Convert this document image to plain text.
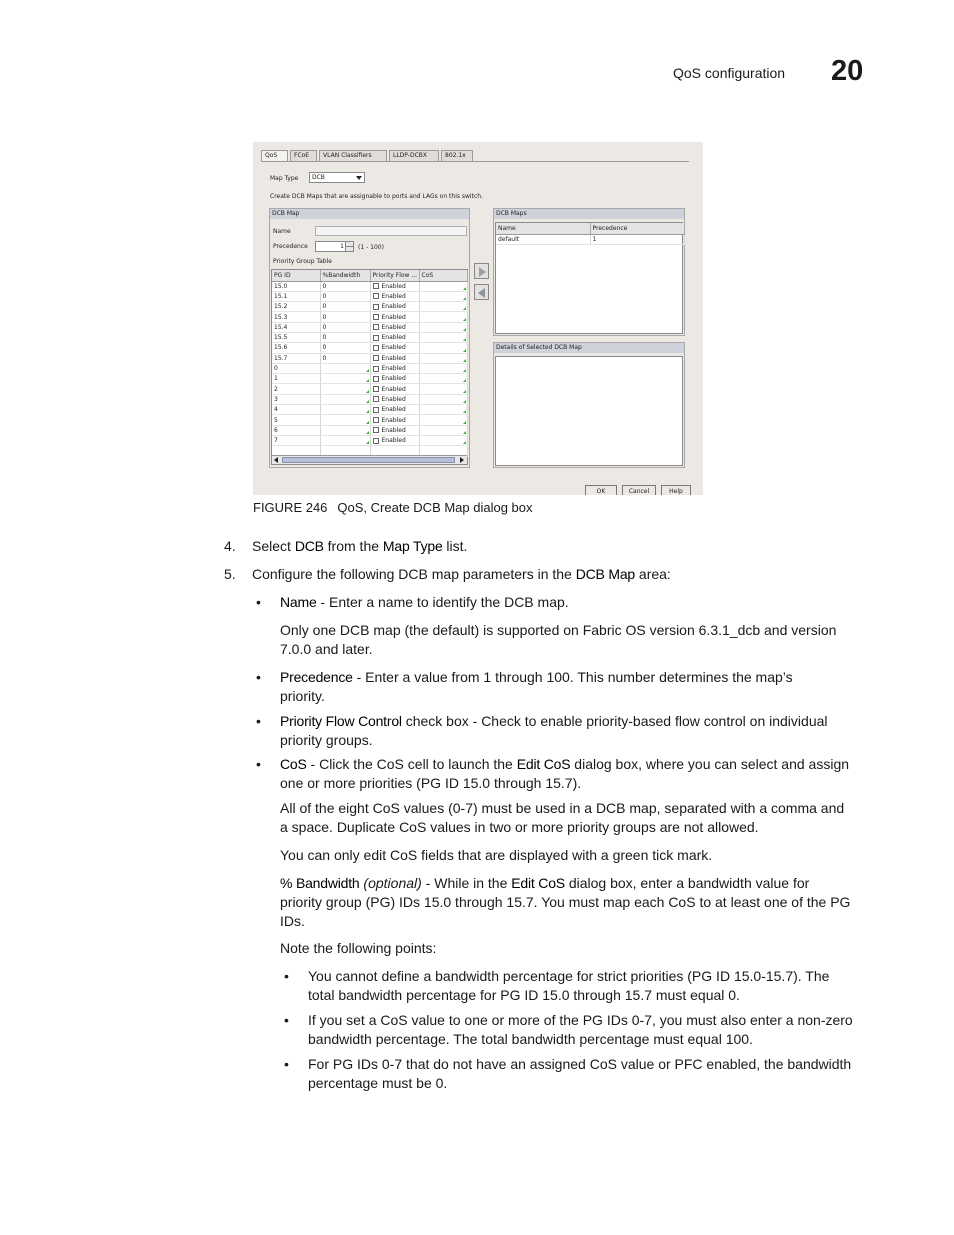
QoS configuration 20
QoS	FCoE	VLAN Classifiers	LLDP-DCBX	802.1x
Map Type	DCB
Create DCB Maps that are assignable to ports and LAGs on this switch.
DCB Map
Name
Precedence	1	(1 - 100)
Priority Group Table
PG ID	%Bandwidth	Priority Flow ...	CoS
15.0	0	Enabled	

15.1	0	Enabled	

15.2	0	Enabled	

15.3	0	Enabled	

15.4	0	Enabled	

15.5	0	Enabled	

15.6	0	Enabled	

15.7	0	Enabled	

0		Enabled	

1		Enabled	

2		Enabled	

3		Enabled	

4		Enabled	

5		Enabled	

6		Enabled	

7		Enabled	

DCB Maps
Name	Precedence
default	1
Details of Selected DCB Map
OK	Cancel	Help
FIGURE 246 QoS, Create DCB Map dialog box
4. Select DCB from the Map Type list.
5. Configure the following DCB map parameters in the DCB Map area:
• Name - Enter a name to identify the DCB map.
Only one DCB map (the default) is supported on Fabric OS version 6.3.1_dcb and version
7.0.0 and later.
• Precedence - Enter a value from 1 through 100. This number determines the map’s
priority.
• Priority Flow Control check box - Check to enable priority-based flow control on individual
priority groups.
• CoS - Click the CoS cell to launch the Edit CoS dialog box, where you can select and assign
one or more priorities (PG ID 15.0 through 15.7).
All of the eight CoS values (0-7) must be used in a DCB map, separated with a comma and
a space. Duplicate CoS values in two or more priority groups are not allowed.
You can only edit CoS fields that are displayed with a green tick mark.
% Bandwidth (optional) - While in the Edit CoS dialog box, enter a bandwidth value for
priority group (PG) IDs 15.0 through 15.7. You must map each CoS to at least one of the PG
IDs.
Note the following points:
• You cannot define a bandwidth percentage for strict priorities (PG ID 15.0-15.7). The
total bandwidth percentage for PG ID 15.0 through 15.7 must equal 0.
• If you set a CoS value to one or more of the PG IDs 0-7, you must also enter a non-zero
bandwidth percentage. The total bandwidth percentage must equal 100.
• For PG IDs 0-7 that do not have an assigned CoS value or PFC enabled, the bandwidth
percentage must be 0.
